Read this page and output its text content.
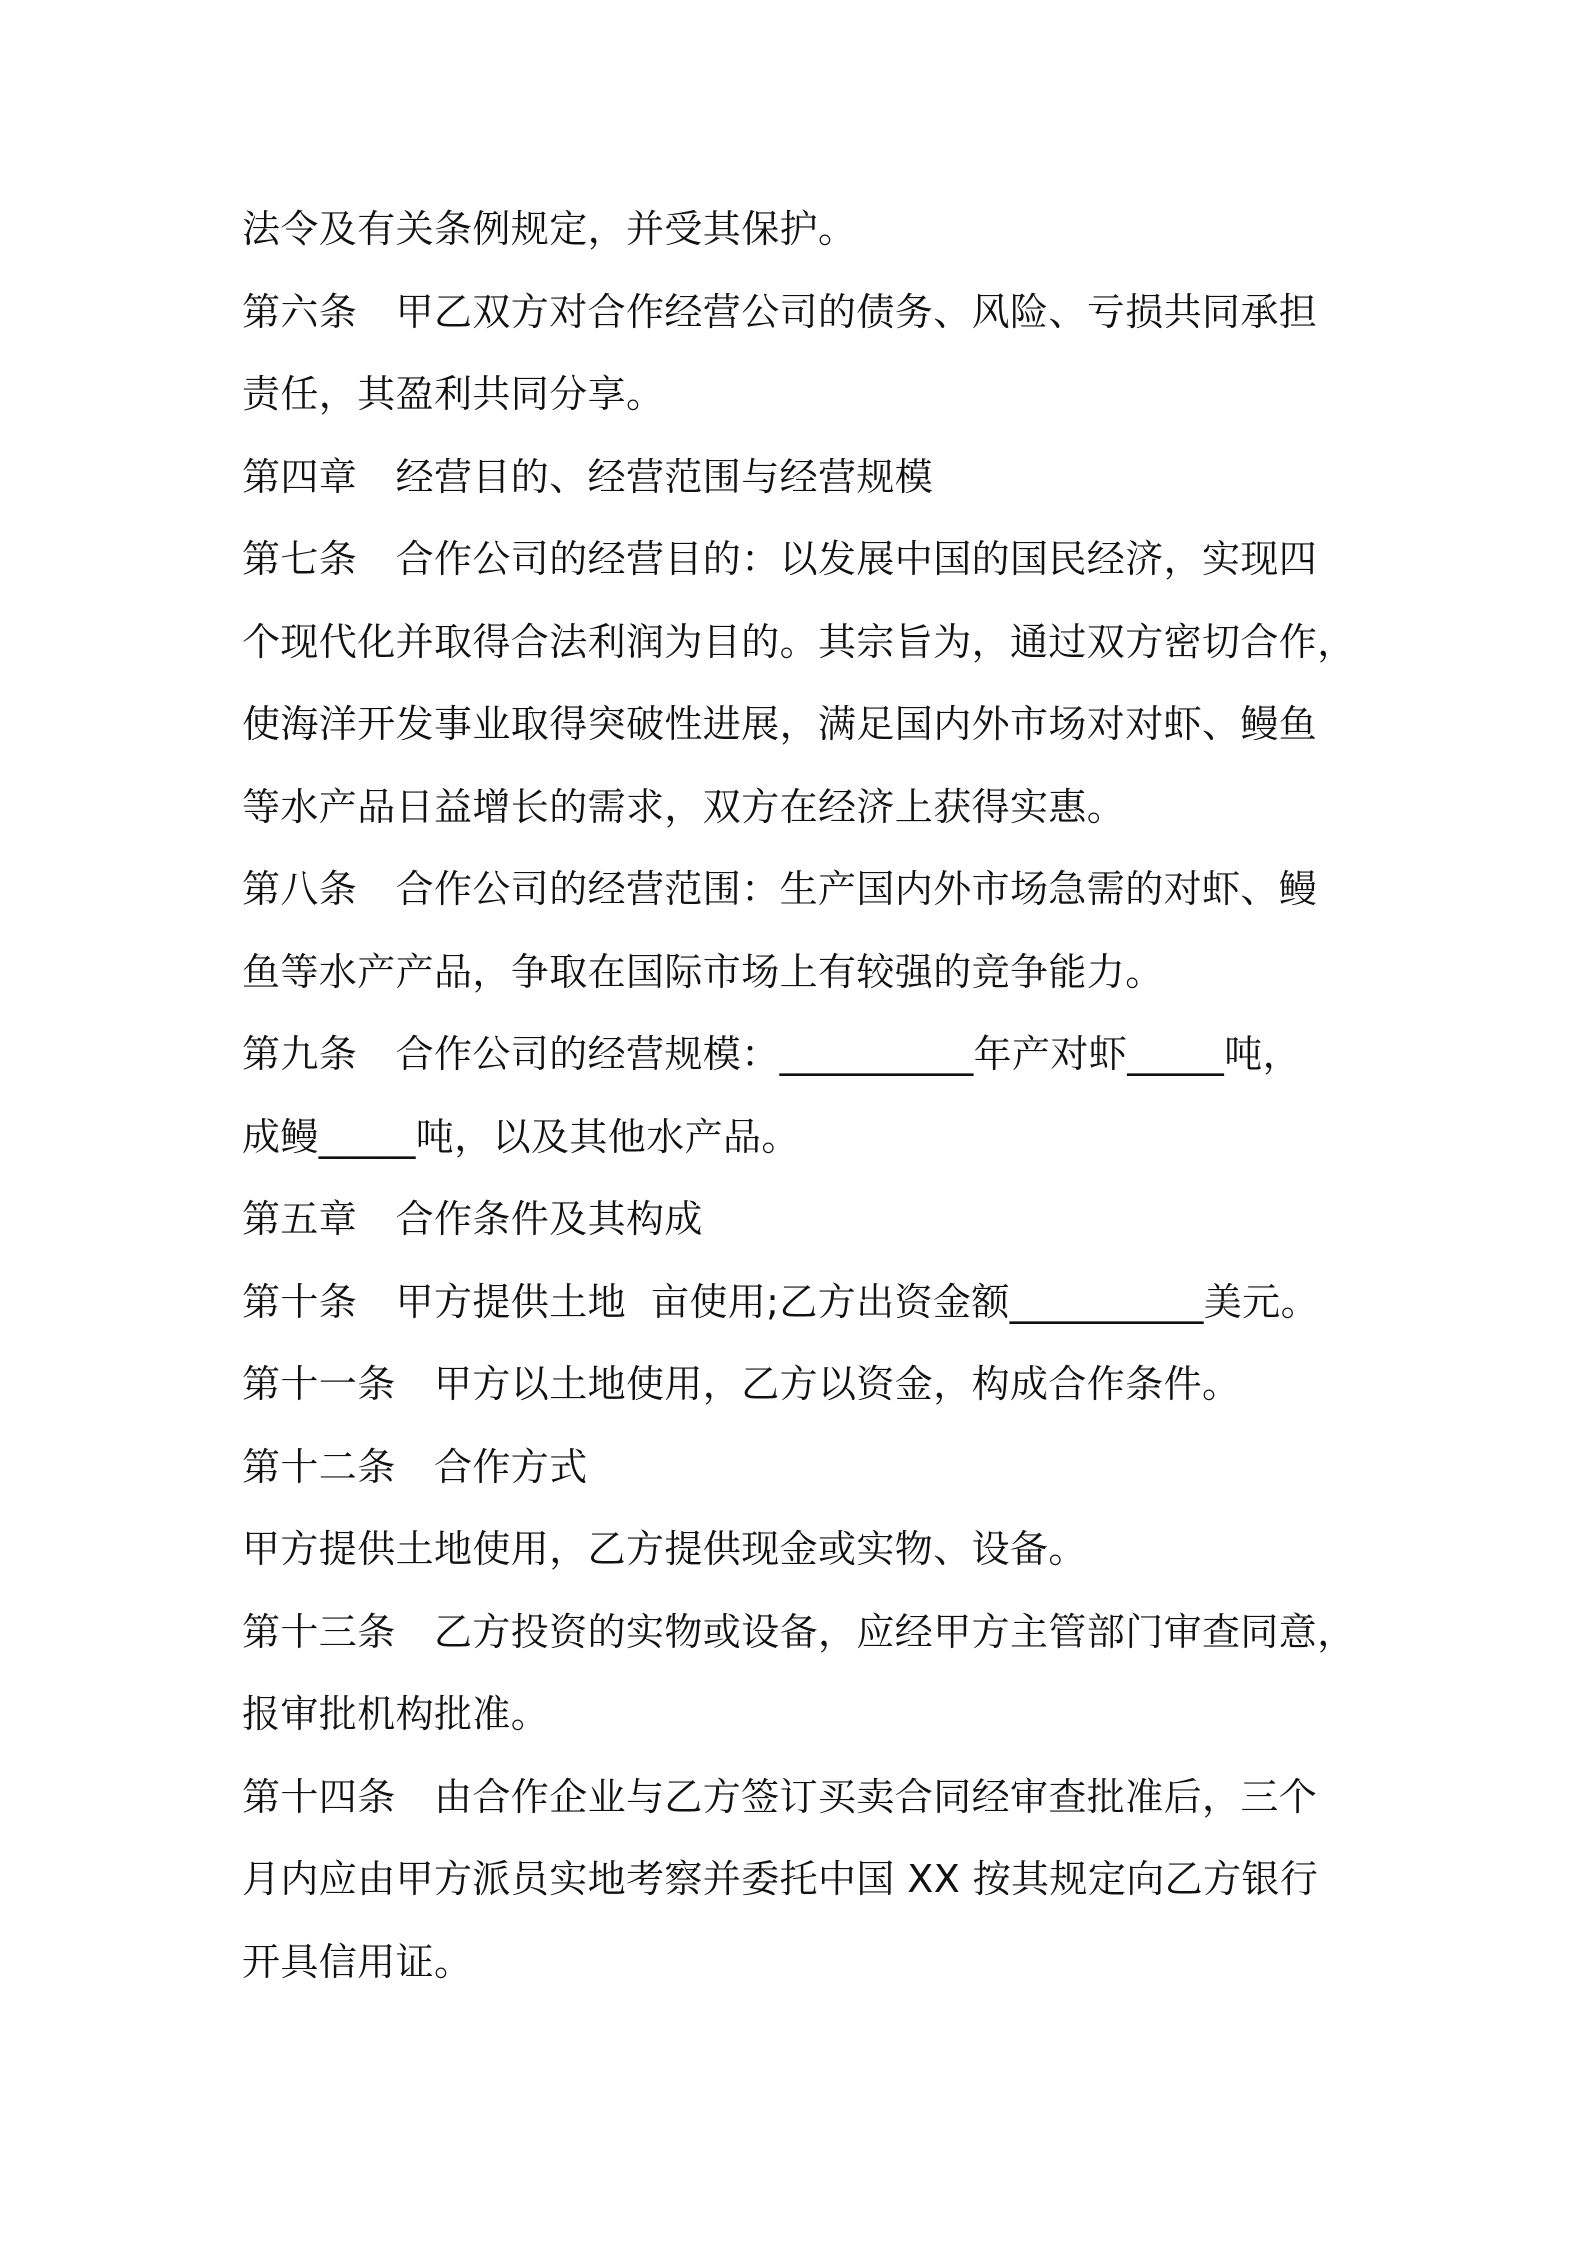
法令及有关条例规定，并受其保护。
第六条　甲乙双方对合作经营公司的债务、风险、亏损共同承担
责任，其盈利共同分享。
第四章　经营目的、经营范围与经营规模
第七条　合作公司的经营目的：以发展中国的国民经济，实现四
个现代化并取得合法利润为目的。其宗旨为，通过双方密切合作，
使海洋开发事业取得突破性进展，满足国内外市场对对虾、鳗鱼
等水产品日益增长的需求，双方在经济上获得实惠。
第八条　合作公司的经营范围：生产国内外市场急需的对虾、鳗
鱼等水产产品，争取在国际市场上有较强的竞争能力。
第九条　合作公司的经营规模：__________年产对虾_____吨，
成鳗_____吨，以及其他水产品。
第五章　合作条件及其构成
第十条　甲方提供土地  亩使用;乙方出资金额__________美元。
第十一条　甲方以土地使用，乙方以资金，构成合作条件。
第十二条　合作方式
甲方提供土地使用，乙方提供现金或实物、设备。
第十三条　乙方投资的实物或设备，应经甲方主管部门审查同意，
报审批机构批准。
第十四条　由合作企业与乙方签订买卖合同经审查批准后，三个
月内应由甲方派员实地考察并委托中国 XX 按其规定向乙方银行
开具信用证。
